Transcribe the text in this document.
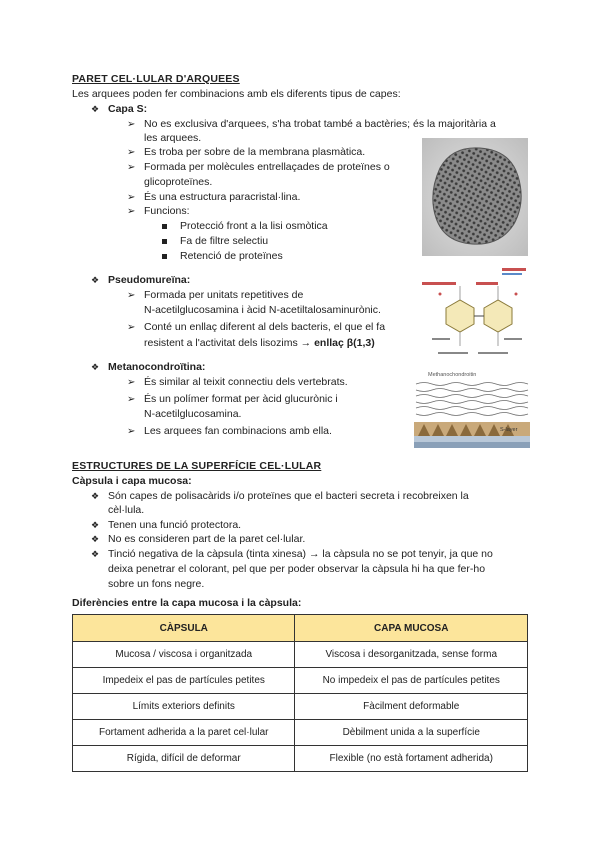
PARET CEL·LULAR D'ARQUEES
Les arquees poden fer combinacions amb els diferents tipus de capes:
❖ Capa S:
➢ No es exclusiva d'arquees, s'ha trobat també a bactèries; és la majoritària a
les arquees.
➢ Es troba per sobre de la membrana plasmàtica.
➢ Formada per molècules entrellaçades de proteïnes o
glicoproteïnes.
➢ És una estructura paracristal·lina.
➢ Funcions:
Protecció front a la lisi osmòtica
Fa de filtre selectiu
Retenció de proteïnes
❖ Pseudomureïna:
➢ Formada per unitats repetitives de
N-acetilglucosamina i àcid N-acetiltalosaminurònic.
➢ Conté un enllaç diferent al dels bacteris, el que el fa
resistent a l'activitat dels lisozims → enllaç β(1,3)
❖ Metanocondroïtina:
➢ És similar al teixit connectiu dels vertebrats.
➢ És un polímer format per àcid glucurònic i
N-acetilglucosamina.
➢ Les arquees fan combinacions amb ella.
Methanochondroitin
S-layer
ESTRUCTURES DE LA SUPERFÍCIE CEL·LULAR
Càpsula i capa mucosa:
❖ Són capes de polisacàrids i/o proteïnes que el bacteri secreta i recobreixen la
cèl·lula.
❖ Tenen una funció protectora.
❖ No es consideren part de la paret cel·lular.
❖ Tinció negativa de la càpsula (tinta xinesa) → la càpsula no se pot tenyir, ja que no
deixa penetrar el colorant, pel que per poder observar la càpsula hi ha que fer-ho
sobre un fons negre.
Diferències entre la capa mucosa i la càpsula:
CÀPSULA	CAPA MUCOSA
Mucosa / viscosa i organitzada	Viscosa i desorganitzada, sense forma
Impedeix el pas de partícules petites	No impedeix el pas de partícules petites
Límits exteriors definits	Fàcilment deformable
Fortament adherida a la paret cel·lular	Dèbilment unida a la superfície
Rígida, difícil de deformar	Flexible (no està fortament adherida)
